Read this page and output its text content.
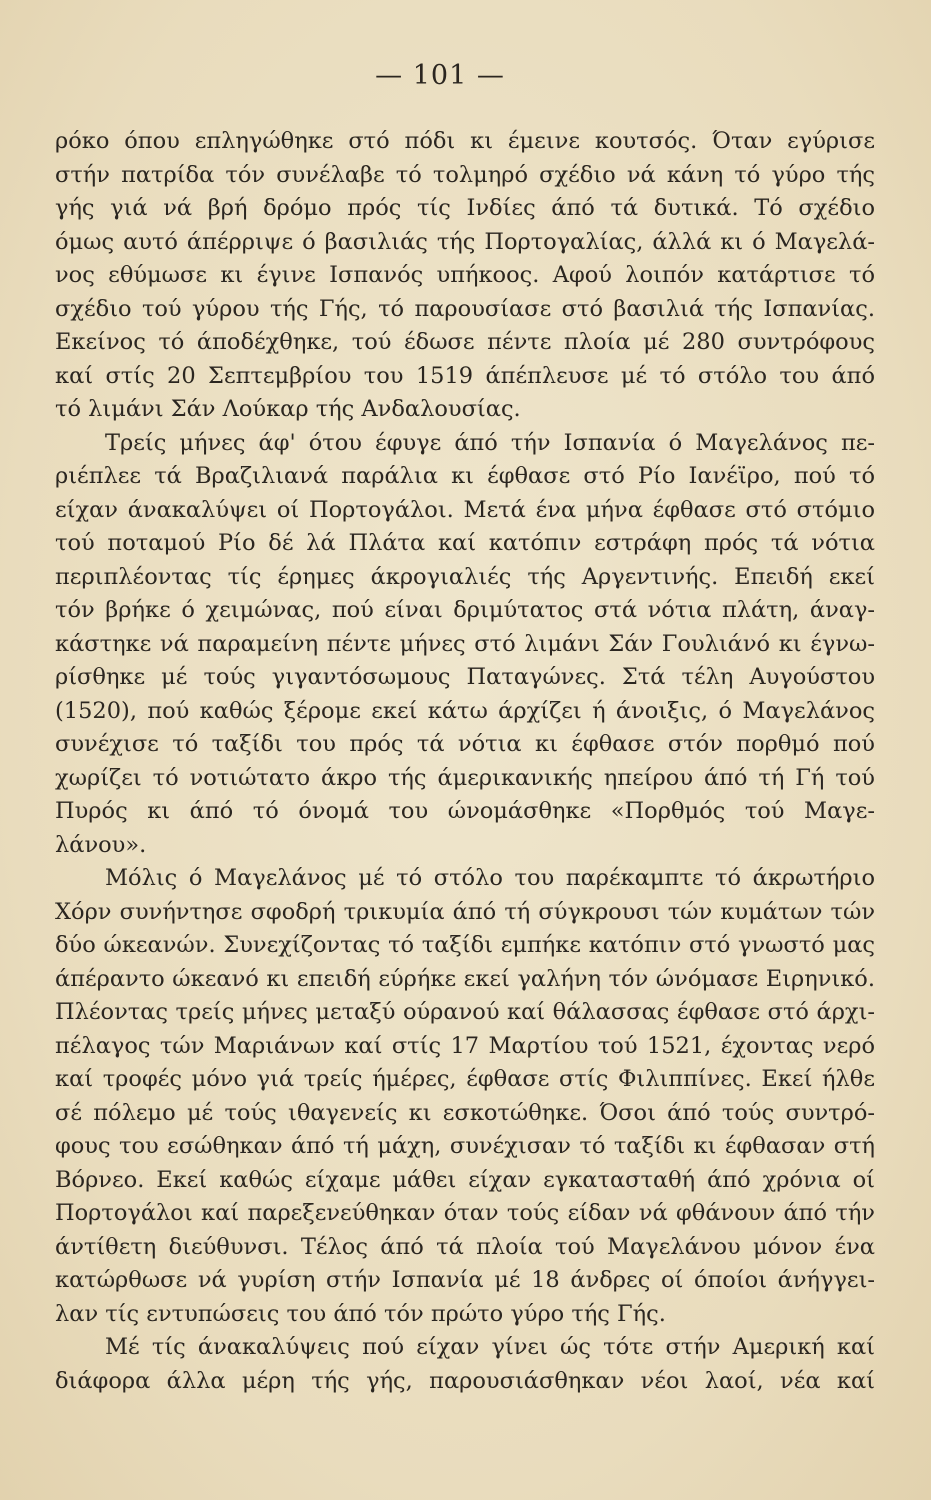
— 101 —
ρόκο όπου επληγώθηκε στό πόδι κι έμεινε κουτσός. Όταν εγύρισε
στήν πατρίδα τόν συνέλαβε τό τολμηρό σχέδιο νά κάνη τό γύρο τής
γής γιά νά βρή δρόμο πρός τίς Ινδίες άπό τά δυτικά. Τό σχέδιο
όμως αυτό άπέρριψε ό βασιλιάς τής Πορτογαλίας, άλλά κι ό Μαγελά-
νος εθύμωσε κι έγινε Ισπανός υπήκοος. Αφού λοιπόν κατάρτισε τό
σχέδιο τού γύρου τής Γής, τό παρουσίασε στό βασιλιά τής Ισπανίας.
Εκείνος τό άποδέχθηκε, τού έδωσε πέντε πλοία μέ 280 συντρόφους
καί στίς 20 Σεπτεμβρίου του 1519 άπέπλευσε μέ τό στόλο του άπό
τό λιμάνι Σάν Λούκαρ τής Ανδαλουσίας.
Τρείς μήνες άφ' ότου έφυγε άπό τήν Ισπανία ό Μαγελάνος πε-
ριέπλεε τά Βραζιλιανά παράλια κι έφθασε στό Ρίο Ιανέϊρο, πού τό
είχαν άνακαλύψει οί Πορτογάλοι. Μετά ένα μήνα έφθασε στό στόμιο
τού ποταμού Ρίο δέ λά Πλάτα καί κατόπιν εστράφη πρός τά νότια
περιπλέοντας τίς έρημες άκρογιαλιές τής Αργεντινής. Επειδή εκεί
τόν βρήκε ό χειμώνας, πού είναι δριμύτατος στά νότια πλάτη, άναγ-
κάστηκε νά παραμείνη πέντε μήνες στό λιμάνι Σάν Γουλιάνό κι έγνω-
ρίσθηκε μέ τούς γιγαντόσωμους Παταγώνες. Στά τέλη Αυγούστου
(1520), πού καθώς ξέρομε εκεί κάτω άρχίζει ή άνοιξις, ό Μαγελάνος
συνέχισε τό ταξίδι του πρός τά νότια κι έφθασε στόν πορθμό πού
χωρίζει τό νοτιώτατο άκρο τής άμερικανικής ηπείρου άπό τή Γή τού
Πυρός κι άπό τό όνομά του ώνομάσθηκε «Πορθμός τού Μαγε-
λάνου».
Μόλις ό Μαγελάνος μέ τό στόλο του παρέκαμπτε τό άκρωτήριο
Χόρν συνήντησε σφοδρή τρικυμία άπό τή σύγκρουσι τών κυμάτων τών
δύο ώκεανών. Συνεχίζοντας τό ταξίδι εμπήκε κατόπιν στό γνωστό μας
άπέραντο ώκεανό κι επειδή εύρήκε εκεί γαλήνη τόν ώνόμασε Ειρηνικό.
Πλέοντας τρείς μήνες μεταξύ ούρανού καί θάλασσας έφθασε στό άρχι-
πέλαγος τών Μαριάνων καί στίς 17 Μαρτίου τού 1521, έχοντας νερό
καί τροφές μόνο γιά τρείς ήμέρες, έφθασε στίς Φιλιππίνες. Εκεί ήλθε
σέ πόλεμο μέ τούς ιθαγενείς κι εσκοτώθηκε. Όσοι άπό τούς συντρό-
φους του εσώθηκαν άπό τή μάχη, συνέχισαν τό ταξίδι κι έφθασαν στή
Βόρνεο. Εκεί καθώς είχαμε μάθει είχαν εγκατασταθή άπό χρόνια οί
Πορτογάλοι καί παρεξενεύθηκαν όταν τούς είδαν νά φθάνουν άπό τήν
άντίθετη διεύθυνσι. Τέλος άπό τά πλοία τού Μαγελάνου μόνον ένα
κατώρθωσε νά γυρίση στήν Ισπανία μέ 18 άνδρες οί όποίοι άνήγγει-
λαν τίς εντυπώσεις του άπό τόν πρώτο γύρο τής Γής.
Μέ τίς άνακαλύψεις πού είχαν γίνει ώς τότε στήν Αμερική καί
διάφορα άλλα μέρη τής γής, παρουσιάσθηκαν νέοι λαοί, νέα καί
